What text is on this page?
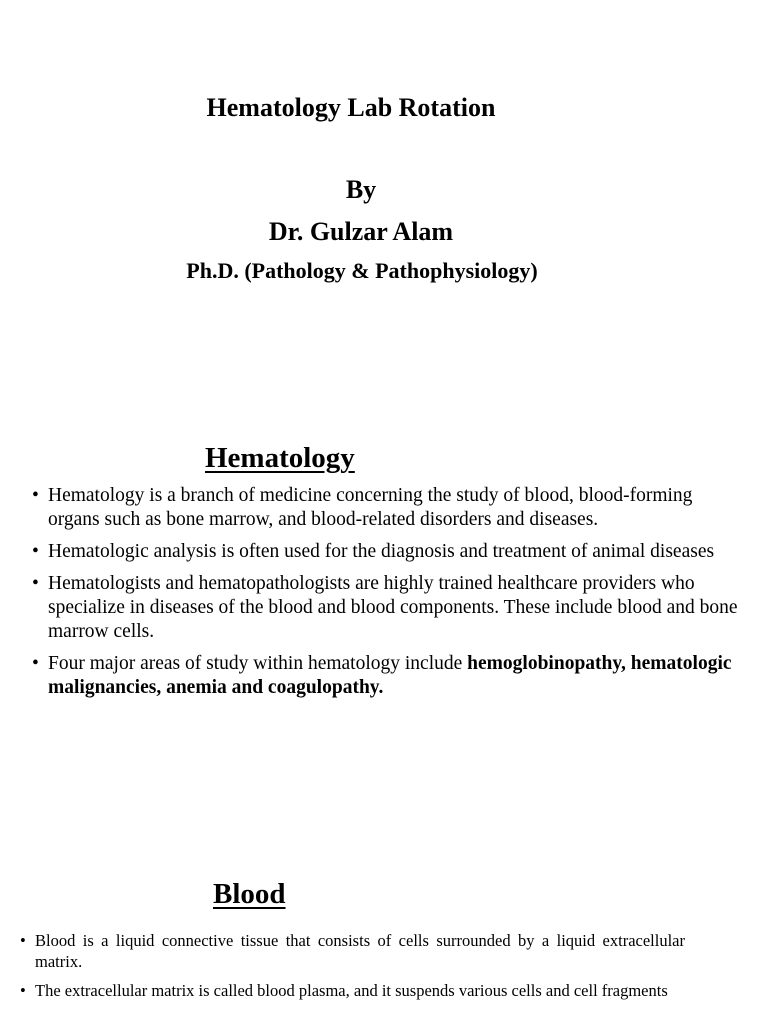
Hematology Lab Rotation
By
Dr. Gulzar Alam
Ph.D. (Pathology & Pathophysiology)
Hematology
• Hematology is a branch of medicine concerning the study of blood, blood-forming organs such as bone marrow, and blood-related disorders and diseases.
• Hematologic analysis is often used for the diagnosis and treatment of animal diseases
• Hematologists and hematopathologists are highly trained healthcare providers who specialize in diseases of the blood and blood components. These include blood and bone marrow cells.
• Four major areas of study within hematology include hemoglobinopathy, hematologic malignancies, anemia and coagulopathy.
Blood
• Blood is a liquid connective tissue that consists of cells surrounded by a liquid extracellular matrix.
• The extracellular matrix is called blood plasma, and it suspends various cells and cell fragments
